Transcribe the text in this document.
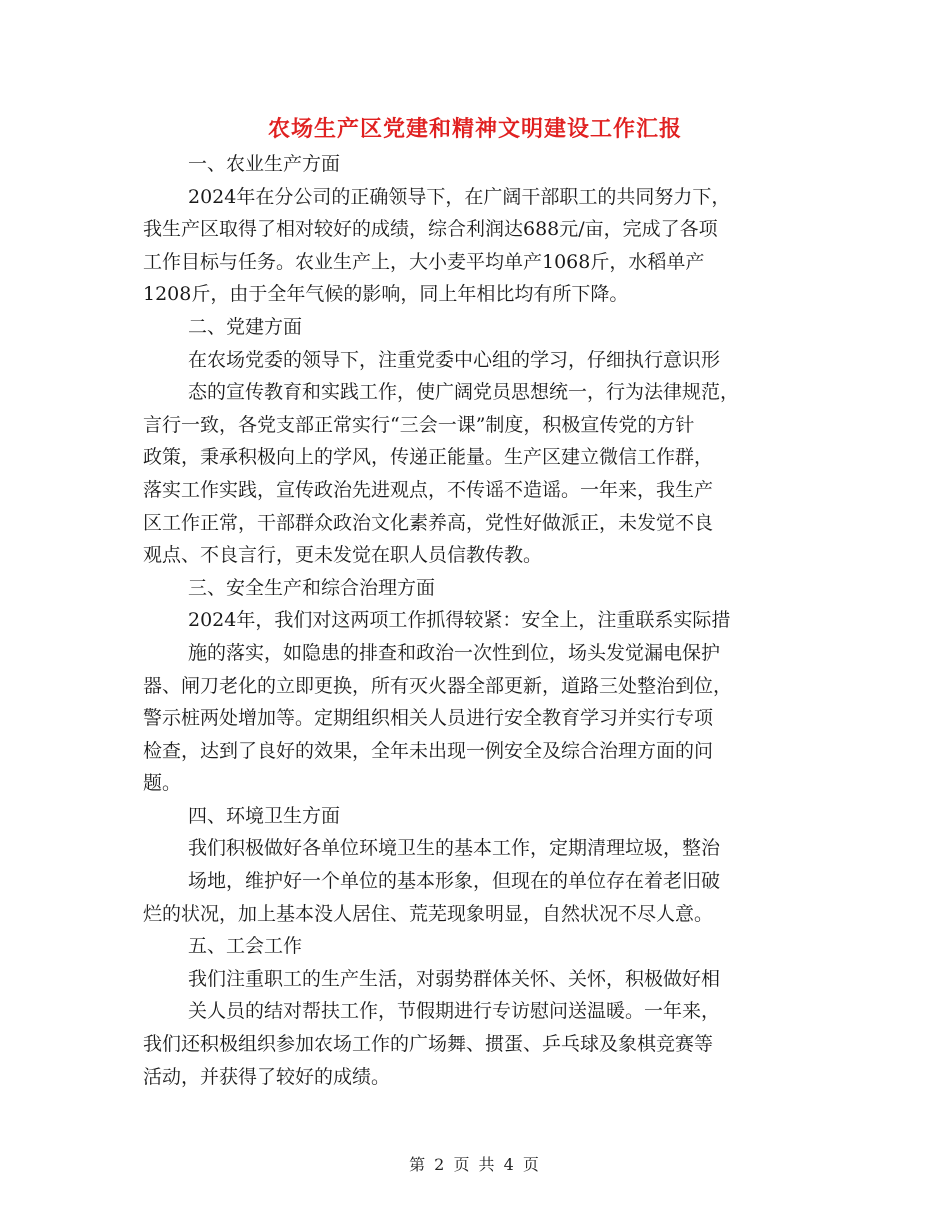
农场生产区党建和精神文明建设工作汇报
一、农业生产方面
2024年在分公司的正确领导下，在广阔干部职工的共同努力下，
我生产区取得了相对较好的成绩，综合利润达688元/亩，完成了各项
工作目标与任务。农业生产上，大小麦平均单产1068斤，水稻单产
1208斤，由于全年气候的影响，同上年相比均有所下降。
二、党建方面
在农场党委的领导下，注重党委中心组的学习，仔细执行意识形
态的宣传教育和实践工作，使广阔党员思想统一，行为法律规范，
言行一致，各党支部正常实行“三会一课”制度，积极宣传党的方针
政策，秉承积极向上的学风，传递正能量。生产区建立微信工作群，
落实工作实践，宣传政治先进观点，不传谣不造谣。一年来，我生产
区工作正常，干部群众政治文化素养高，党性好做派正，未发觉不良
观点、不良言行，更未发觉在职人员信教传教。
三、安全生产和综合治理方面
2024年，我们对这两项工作抓得较紧：安全上，注重联系实际措
施的落实，如隐患的排查和政治一次性到位，场头发觉漏电保护
器、闸刀老化的立即更换，所有灭火器全部更新，道路三处整治到位，
警示桩两处增加等。定期组织相关人员进行安全教育学习并实行专项
检查，达到了良好的效果，全年未出现一例安全及综合治理方面的问
题。
四、环境卫生方面
我们积极做好各单位环境卫生的基本工作，定期清理垃圾，整治
场地，维护好一个单位的基本形象，但现在的单位存在着老旧破
烂的状况，加上基本没人居住、荒芜现象明显，自然状况不尽人意。
五、工会工作
我们注重职工的生产生活，对弱势群体关怀、关怀，积极做好相
关人员的结对帮扶工作，节假期进行专访慰问送温暖。一年来，
我们还积极组织参加农场工作的广场舞、掼蛋、乒乓球及象棋竞赛等
活动，并获得了较好的成绩。
第 2 页 共 4 页
